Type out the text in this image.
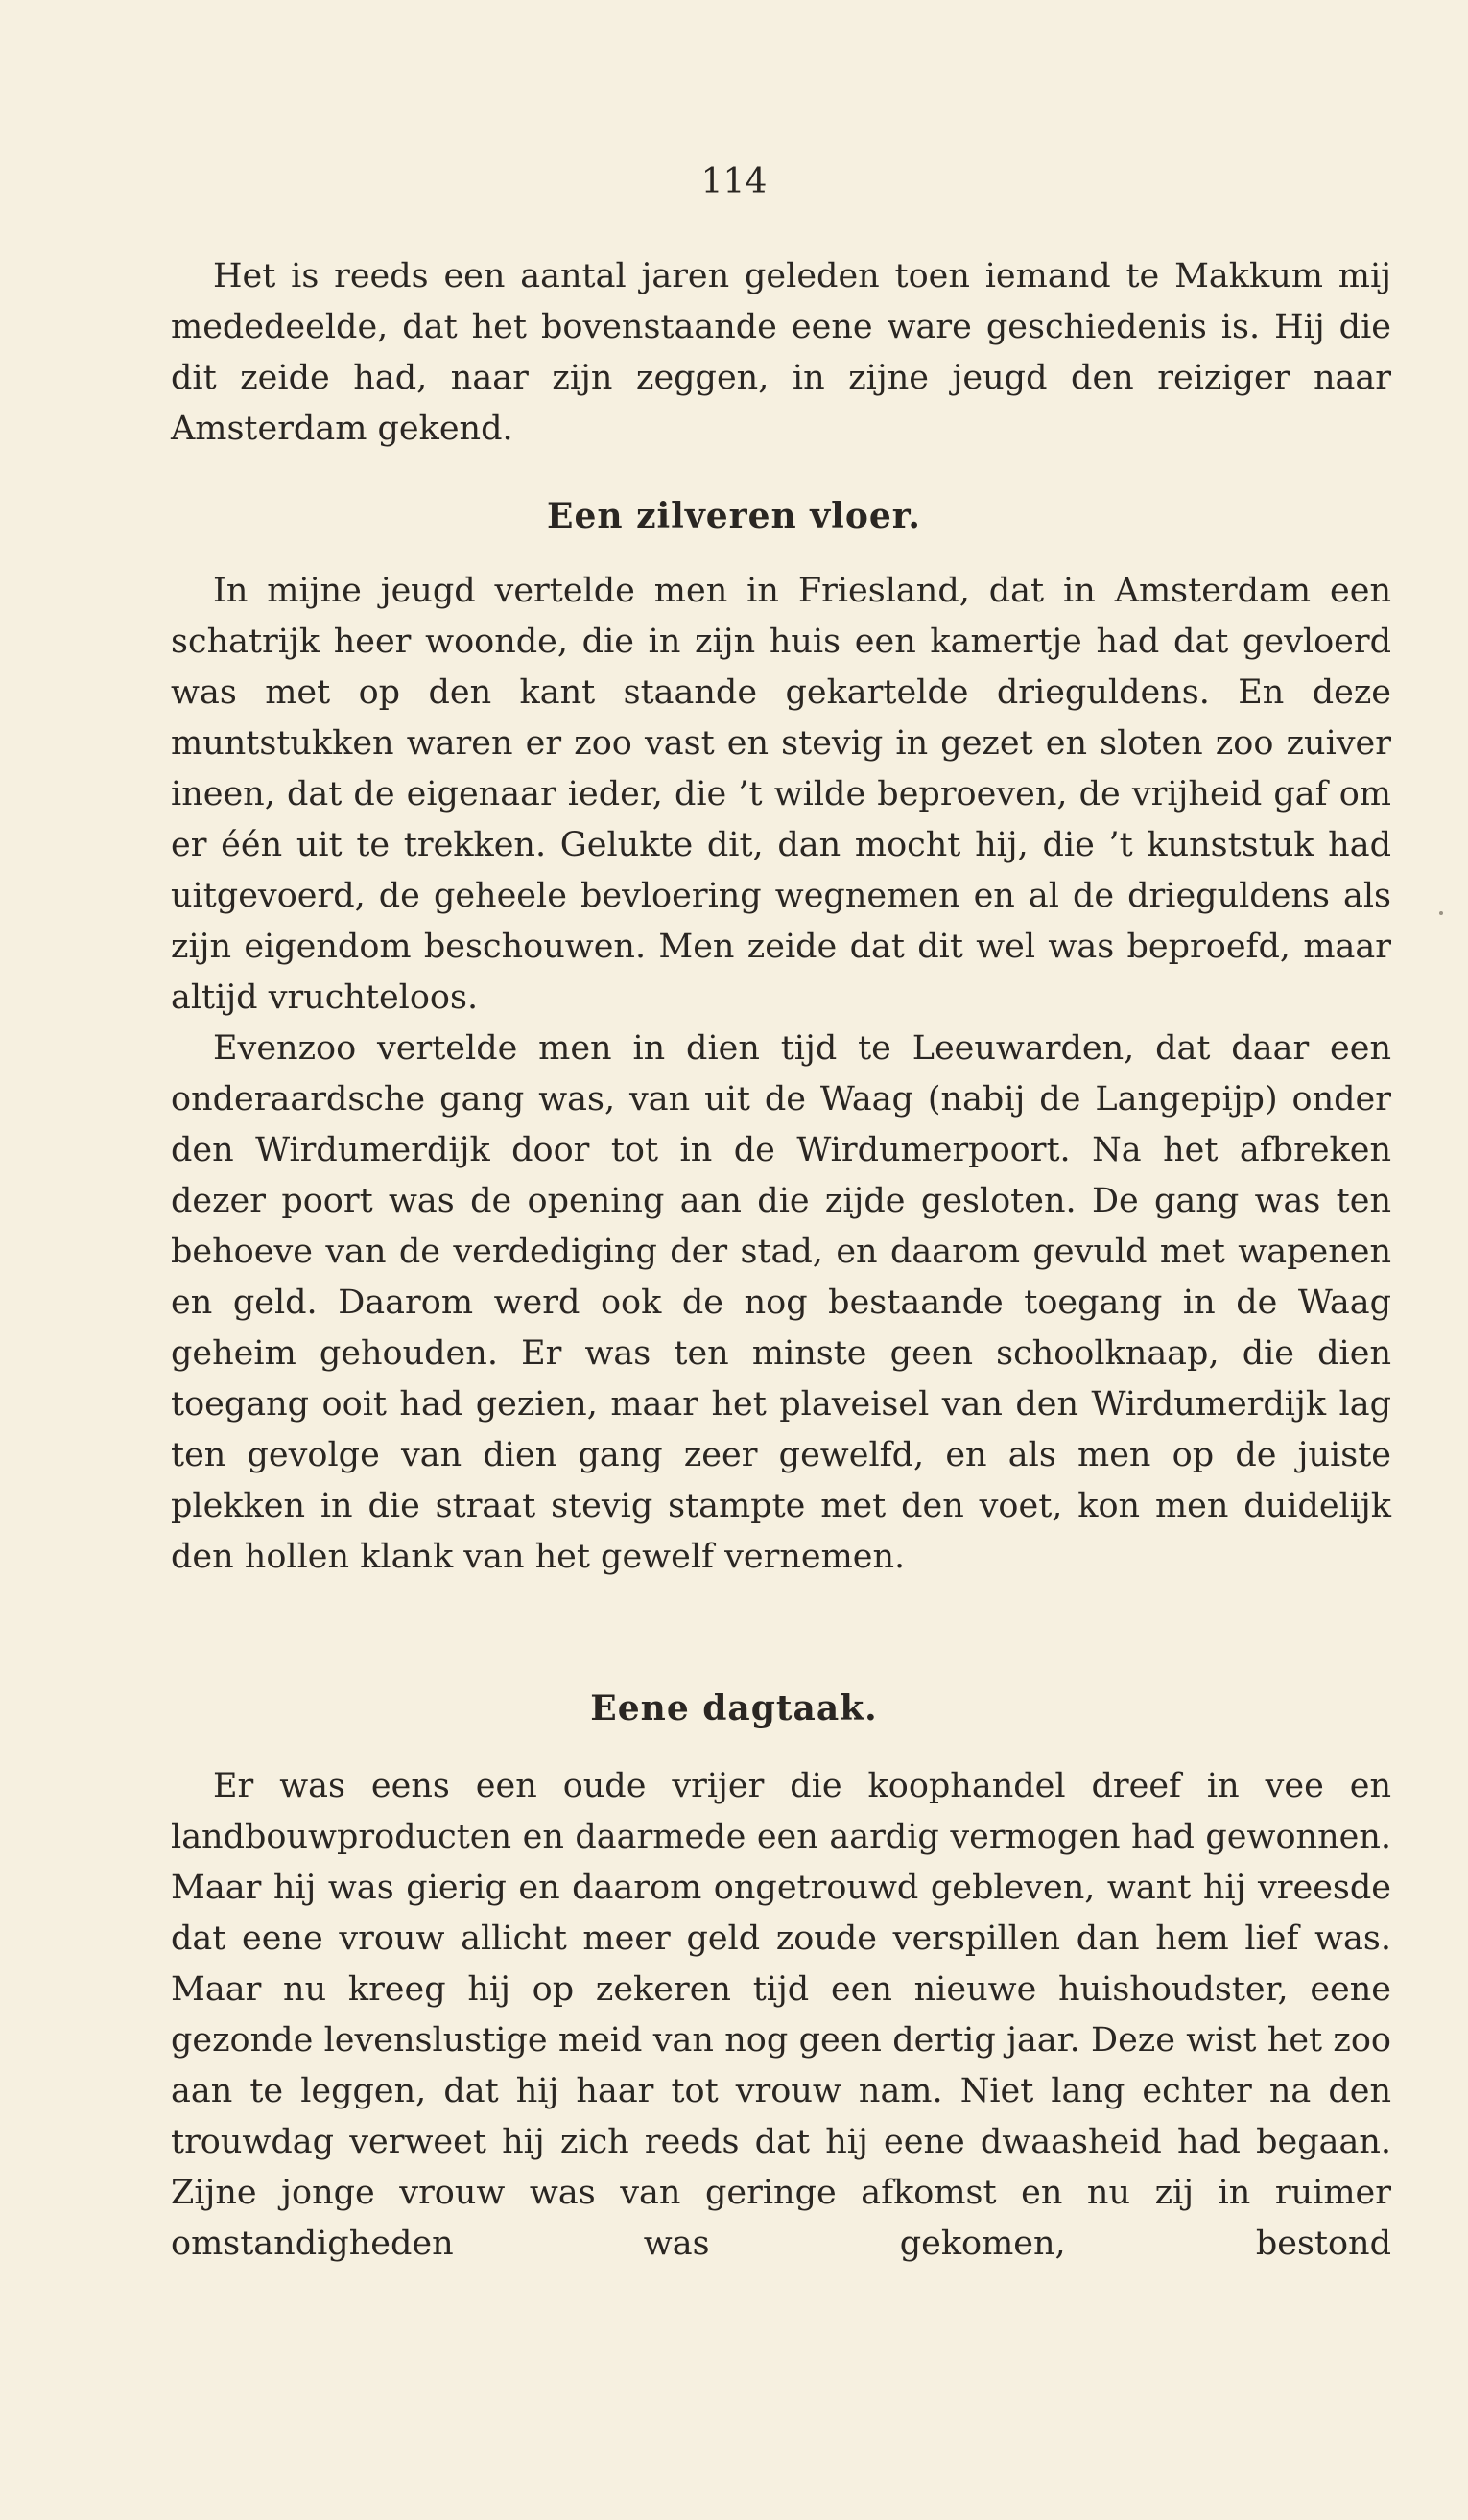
114

Het is reeds een aantal jaren geleden toen iemand te Makkum mij mededeelde, dat het bovenstaande eene ware geschiedenis is. Hij die dit zeide had, naar zijn zeggen, in zijne jeugd den reiziger naar Amsterdam gekend.

Een zilveren vloer.

In mijne jeugd vertelde men in Friesland, dat in Amsterdam een schatrijk heer woonde, die in zijn huis een kamertje had dat gevloerd was met op den kant staande gekartelde drieguldens. En deze muntstukken waren er zoo vast en stevig in gezet en sloten zoo zuiver ineen, dat de eigenaar ieder, die ’t wilde beproeven, de vrijheid gaf om er één uit te trekken. Gelukte dit, dan mocht hij, die ’t kunststuk had uitgevoerd, de geheele bevloering wegnemen en al de drieguldens als zijn eigendom beschouwen. Men zeide dat dit wel was beproefd, maar altijd vruchteloos.

Evenzoo vertelde men in dien tijd te Leeuwarden, dat daar een onderaardsche gang was, van uit de Waag (nabij de Langepijp) onder den Wirdumerdijk door tot in de Wirdumerpoort. Na het afbreken dezer poort was de opening aan die zijde gesloten. De gang was ten behoeve van de verdediging der stad, en daarom gevuld met wapenen en geld. Daarom werd ook de nog bestaande toegang in de Waag geheim gehouden. Er was ten minste geen schoolknaap, die dien toegang ooit had gezien, maar het plaveisel van den Wirdumerdijk lag ten gevolge van dien gang zeer gewelfd, en als men op de juiste plekken in die straat stevig stampte met den voet, kon men duidelijk den hollen klank van het gewelf vernemen.

Eene dagtaak.

Er was eens een oude vrijer die koophandel dreef in vee en landbouwproducten en daarmede een aardig vermogen had gewonnen. Maar hij was gierig en daarom ongetrouwd gebleven, want hij vreesde dat eene vrouw allicht meer geld zoude verspillen dan hem lief was. Maar nu kreeg hij op zekeren tijd een nieuwe huishoudster, eene gezonde levenslustige meid van nog geen dertig jaar. Deze wist het zoo aan te leggen, dat hij haar tot vrouw nam. Niet lang echter na den trouwdag verweet hij zich reeds dat hij eene dwaasheid had begaan. Zijne jonge vrouw was van geringe afkomst en nu zij in ruimer omstandigheden was gekomen, bestond
